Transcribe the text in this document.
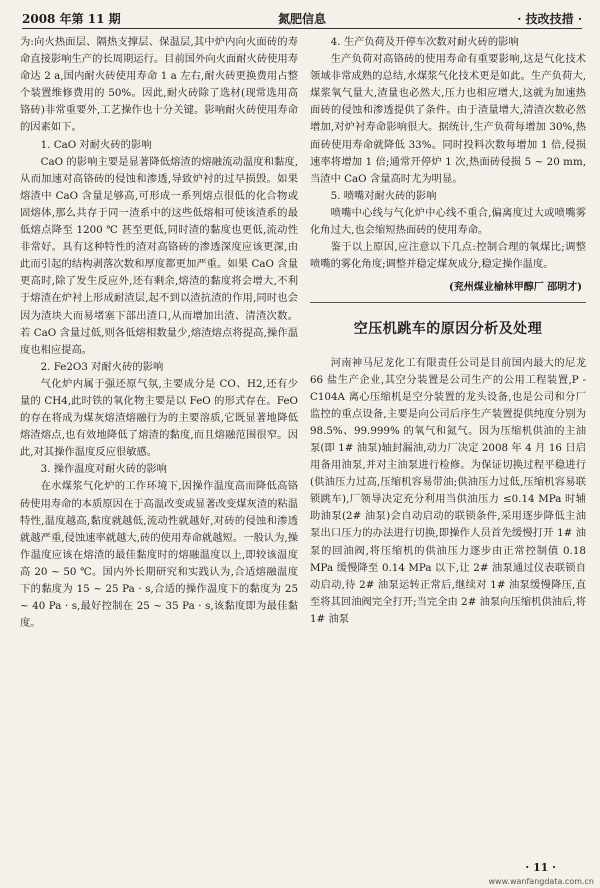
2008 年第 11 期	氮肥信息	· 技改技措 ·

为:向火热面层、隔热支撑层、保温层,其中炉内向火面砖的寿命直接影响生产的长周期运行。目前国外向火面耐火砖使用寿命达 2 a,国内耐火砖使用寿命 1 a 左右,耐火砖更换费用占整个装置维修费用的 50%。因此,耐火砖除了选材(现常选用高铬砖)非常重要外,工艺操作也十分关键。影响耐火砖使用寿命的因素如下。

1. CaO 对耐火砖的影响

CaO 的影响主要是显著降低熔渣的熔融流动温度和黏度,从而加速对高铬砖的侵蚀和渗透,导致炉衬的过早损毁。如果熔渣中 CaO 含量足够高,可形成一系列熔点很低的化合物或固熔体,那么共存于同一渣系中的这些低熔相可使该渣系的最低熔点降至 1200 ℃ 甚至更低,同时渣的黏度也更低,流动性非常好。具有这种特性的渣对高铬砖的渗透深度应该更深,由此而引起的结构剥落次数和厚度都更加严重。如果 CaO 含量更高时,除了发生反应外,还有剩余,熔渣的黏度将会增大,不利于熔渣在炉衬上形成耐渣层,起不到以渣抗渣的作用,同时也会因为渣块大而易堵塞下部出渣口,从而增加出渣、清渣次数。若 CaO 含量过低,则各低熔相数量少,熔渣熔点将提高,操作温度也相应提高。

2. Fe2O3 对耐火砖的影响

气化炉内属于强还原气氛,主要成分是 CO、H2,还有少量的 CH4,此时铁的氧化物主要是以 FeO 的形式存在。FeO 的存在将成为煤灰熔渣熔融行为的主要溶质,它既显著地降低熔渣熔点,也有效地降低了熔渣的黏度,而且熔融范围很窄。因此,对其操作温度反应很敏感。

3. 操作温度对耐火砖的影响

在水煤浆气化炉的工作环境下,因操作温度高而降低高铬砖使用寿命的本质原因在于高温改变或显著改变煤灰渣的粘温特性,温度越高,黏度就越低,流动性就越好,对砖的侵蚀和渗透就越严重,侵蚀速率就越大,砖的使用寿命就越短。一般认为,操作温度应该在熔渣的最佳黏度时的熔融温度以上,即较该温度高 20 ~ 50 ℃。国内外长期研究和实践认为,合适熔融温度下的黏度为 15 ~ 25 Pa · s,合适的操作温度下的黏度为 25 ~ 40 Pa · s,最好控制在 25 ~ 35 Pa · s,该黏度即为最佳黏度。

4. 生产负荷及开停车次数对耐火砖的影响

生产负荷对高铬砖的使用寿命有重要影响,这是气化技术领域非常成熟的总结,水煤浆气化技术更是如此。生产负荷大,煤浆氧气量大,渣量也必然大,压力也相应增大,这就为加速热面砖的侵蚀和渗透提供了条件。由于渣量增大,清渣次数必然增加,对炉衬寿命影响很大。据统计,生产负荷每增加 30%,热面砖使用寿命就降低 33%。同时投料次数每增加 1 倍,侵损速率将增加 1 倍;通常开停炉 1 次,热面砖侵损 5 ~ 20 mm,当渣中 CaO 含量高时尤为明显。

5. 喷嘴对耐火砖的影响

喷嘴中心线与气化炉中心线不重合,偏离度过大或喷嘴雾化角过大,也会缩短热面砖的使用寿命。

鉴于以上原因,应注意以下几点:控制合理的氧煤比;调整喷嘴的雾化角度;调整并稳定煤灰成分,稳定操作温度。

(兖州煤业榆林甲醇厂 邵明才)
空压机跳车的原因分析及处理

河南神马尼龙化工有限责任公司是目前国内最大的尼龙 66 盐生产企业,其空分装置是公司生产的公用工程装置,P - C104A 离心压缩机是空分装置的龙头设备,也是公司和分厂监控的重点设备,主要是向公司后序生产装置提供纯度分别为 98.5%、99.999% 的氧气和氮气。因为压缩机供油的主油泵(即 1# 油泵)轴封漏油,动力厂决定 2008 年 4 月 16 日启用备用油泵,并对主油泵进行检修。为保证切换过程平稳进行(供油压力过高,压缩机容易带油;供油压力过低,压缩机容易联锁跳车),厂领导决定充分利用当供油压力 ≤0.14 MPa 时辅助油泵(2# 油泵)会自动启动的联锁条件,采用逐步降低主油泵出口压力的办法进行切换,即操作人员首先缓慢打开 1# 油泵的回油阀,将压缩机的供油压力逐步由正常控制值 0.18 MPa 缓慢降至 0.14 MPa 以下,让 2# 油泵通过仪表联锁自动启动,待 2# 油泵运转正常后,继续对 1# 油泵缓慢降压,直至将其回油阀完全打开;当完全由 2# 油泵向压缩机供油后,将 1# 油泵

· 11 ·
www.wanfangdata.com.cn
